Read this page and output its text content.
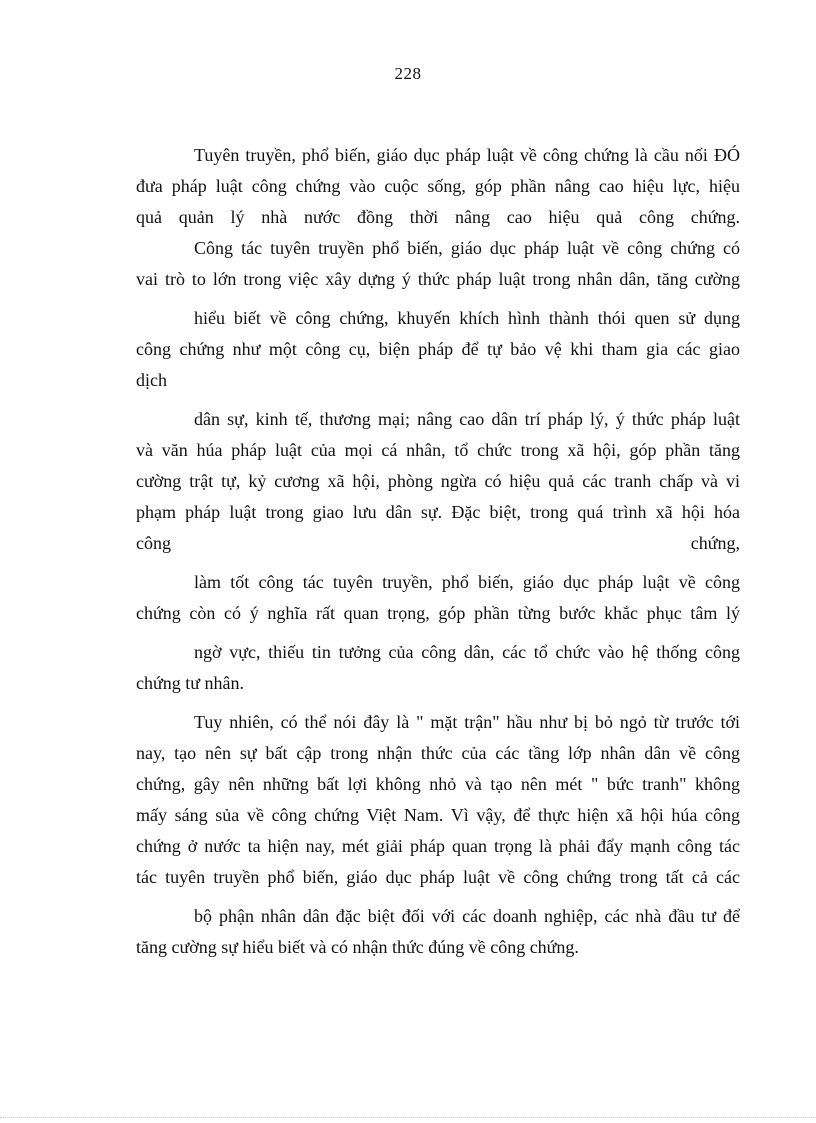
228
Tuyên truyền, phổ biến, giáo dục pháp luật về công chứng là cầu nối ĐÓ
đưa pháp luật công chứng vào cuộc sống, góp phần nâng cao hiệu lực, hiệu
quả quản lý nhà nước đồng thời nâng cao hiệu quả công chứng.
Công tác tuyên truyền phổ biến, giáo dục pháp luật về công chứng có
vai trò to lớn trong việc xây dựng ý thức pháp luật trong nhân dân, tăng cường
hiểu biết về công chứng, khuyến khích hình thành thói quen sử dụng
công chứng như một công cụ, biện pháp để tự bảo vệ khi tham gia các giao
dịch
dân sự, kinh tế, thương mại; nâng cao dân trí pháp lý, ý thức pháp luật
và văn húa pháp luật của mọi cá nhân, tổ chức trong xã hội, góp phần tăng
cường trật tự, kỷ cương xã hội, phòng ngừa có hiệu quả các tranh chấp và vi
phạm pháp luật trong giao lưu dân sự. Đặc biệt, trong quá trình xã hội hóa
công	chứng,
làm tốt công tác tuyên truyền, phổ biến, giáo dục pháp luật về công
chứng còn có ý nghĩa rất quan trọng, góp phần từng bước khắc phục tâm lý
ngờ vực, thiếu tin tưởng của công dân, các tổ chức vào hệ thống công
chứng tư nhân.
Tuy nhiên, có thể nói đây là " mặt trận" hầu như bị bỏ ngỏ từ trước tới
nay, tạo nên sự bất cập trong nhận thức của các tầng lớp nhân dân về công
chứng, gây nên những bất lợi không nhỏ và tạo nên mét " bức tranh" không
mấy sáng sủa về công chứng Việt Nam. Vì vậy, để thực hiện xã hội húa công
chứng ở nước ta hiện nay, mét giải pháp quan trọng là phải đẩy mạnh công tác
tác tuyên truyền phổ biến, giáo dục pháp luật về công chứng trong tất cả các
bộ phận nhân dân đặc biệt đối với các doanh nghiệp, các nhà đầu tư để
tăng cường sự hiểu biết và có nhận thức đúng về công chứng.
